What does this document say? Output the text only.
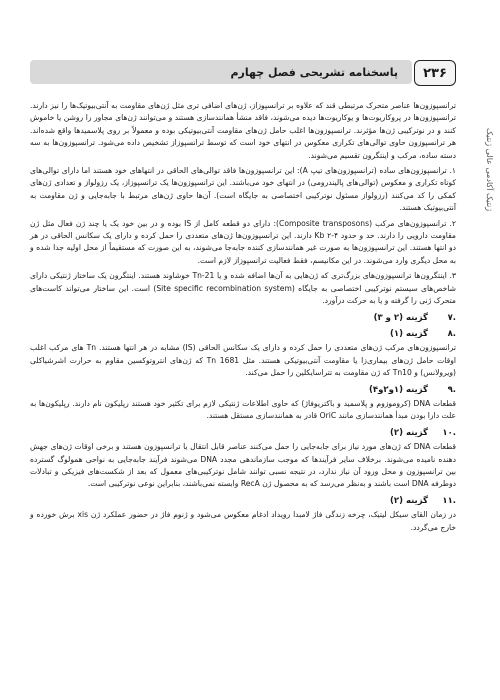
۲۳۶
پاسخنامه تشریحی فصل چهارم
ژنتیک آکادمی عالی ژنتیک

ترانسپوزون‌ها عناصر متحرک مرتبطی قند که علاوه بر ترانسپوزاز، ژن‌های اضافی تری مثل ژن‌های مقاومت به آنتی‌بیوتیک‌ها را نیز دارند. ترانسپوزون‌ها در پروکاریوت‌ها و یوکاریوت‌ها دیده می‌شوند، فاقد منشأ همانندسازی هستند و می‌توانند ژن‌های مجاور را روشن یا خاموش کنند و در نوترکیبی ژن‌ها مؤثرند. ترانسپوزون‌ها اغلب حامل ژن‌های مقاومت آنتی‌بیوتیکی بوده و معمولاً بر روی پلاسمیدها واقع شده‌اند. هر ترانسپوزون حاوی توالی‌های تکراری معکوس در انتهای خود است که توسط ترانسپوزاز تشخیص داده می‌شود. ترانسپوزون‌ها به سه دسته ساده، مرکب و اینتگرون تقسیم می‌شوند.

۱. ترانسپوزون‌های ساده (ترانسپوزون‌های تیپ A): این ترانسپوزون‌ها فاقد توالی‌های الحاقی در انتهاهای خود هستند اما دارای توالی‌های کوتاه تکراری و معکوس (توالی‌های پالیندرومی) در انتهای خود می‌باشند. این ترانسپوزون‌ها یک ترانسپوزاز، یک رزولواز و تعدادی ژن‌های کمکی را کد می‌کنند (رزولواز مسئول نوترکیبی اختصاصی به جایگاه است). آن‌ها حاوی ژن‌های مرتبط با جابه‌جایی و ژن مقاومت به آنتی‌بیوتیک هستند.

۲. ترانسپوزون‌های مرکب (Composite transposons): دارای دو قطعه کامل از IS بوده و در بین خود یک یا چند ژن فعال مثل ژن مقاومت دارویی را دارند. حد و حدود ۴-۲ Kb دارند. این ترانسپوزون‌ها ژن‌های متعددی را حمل کرده و دارای یک سکانس الحاقی در هر دو انتها هستند. این ترانسپوزون‌ها به صورت غیر همانندسازی کننده جابه‌جا می‌شوند، به این صورت که مستقیماً از محل اولیه جدا شده و به محل دیگری وارد می‌شوند. در این مکانیسم، فقط فعالیت ترانسپوزاز لازم است.

۳. اینتگرون‌ها ترانسپوزون‌های بزرگ‌تری که ژن‌هایی به آن‌ها اضافه شده و یا Tn-21 خوشاوند هستند. اینتگرون یک ساختار ژنتیکی دارای شاخص‌های سیستم نوترکیبی اختصاصی به جایگاه (Site specific recombination system) است. این ساختار می‌تواند کاست‌های متحرک ژنی را گرفته و یا به حرکت درآورد.

.۷
گزینه (۲ و ۳)
.۸
گزینه (۱)

ترانسپوزون‌های مرکب ژن‌های متعددی را حمل کرده و دارای یک سکانس الحاقی (IS) مشابه در هر انتها هستند. Tn های مرکب اغلب اوقات حامل ژن‌های بیماری‌زا یا مقاومت آنتی‌بیوتیکی هستند. مثل Tn 1681 که ژن‌های انتروتوکسین مقاوم به حرارت اشرشیاکلی (ویرولانس) و Tn10 که ژن مقاومت به تتراسایکلین را حمل می‌کند.

.۹
گزینه (۱و۲و۴)

قطعات DNA (کروموزوم و پلاسمید و باکتریوفاژ) که حاوی اطلاعات ژنتیکی لازم برای تکثیر خود هستند رپلیکون نام دارند. رپلیکون‌ها به علت دارا بودن مبدأ همانندسازی مانند OriC قادر به همانندسازی مستقل هستند.

.۱۰
گزینه (۲)

قطعات DNA که ژن‌های مورد نیاز برای جابه‌جایی را حمل می‌کنند عناصر قابل انتقال یا ترانسپوزون هستند و برخی اوقات ژن‌های جهش دهنده نامیده می‌شوند. برخلاف سایر فرآیندها که موجب سازماندهی مجدد DNA می‌شوند فرآیند جابه‌جایی به نواحی همولوگ گسترده بین ترانسپوزون و محل ورود آن نیاز ندارد، در نتیجه نسبی توانند شامل نوترکیبی‌های معمول که بعد از شکست‌های فیزیکی و تبادلات دوطرفه DNA است باشند و به‌نظر می‌رسد که به محصول ژن RecA وابسته نمی‌باشند، بنابراین نوعی نوترکیبی است.

.۱۱
گزینه (۲)

در زمان القای سیکل لیتیک، چرخه زندگی فاژ لامبدا رویداد ادغام معکوس می‌شود و ژنوم فاژ در حضور عملکرد ژن xis برش خورده و خارج می‌گردد.
